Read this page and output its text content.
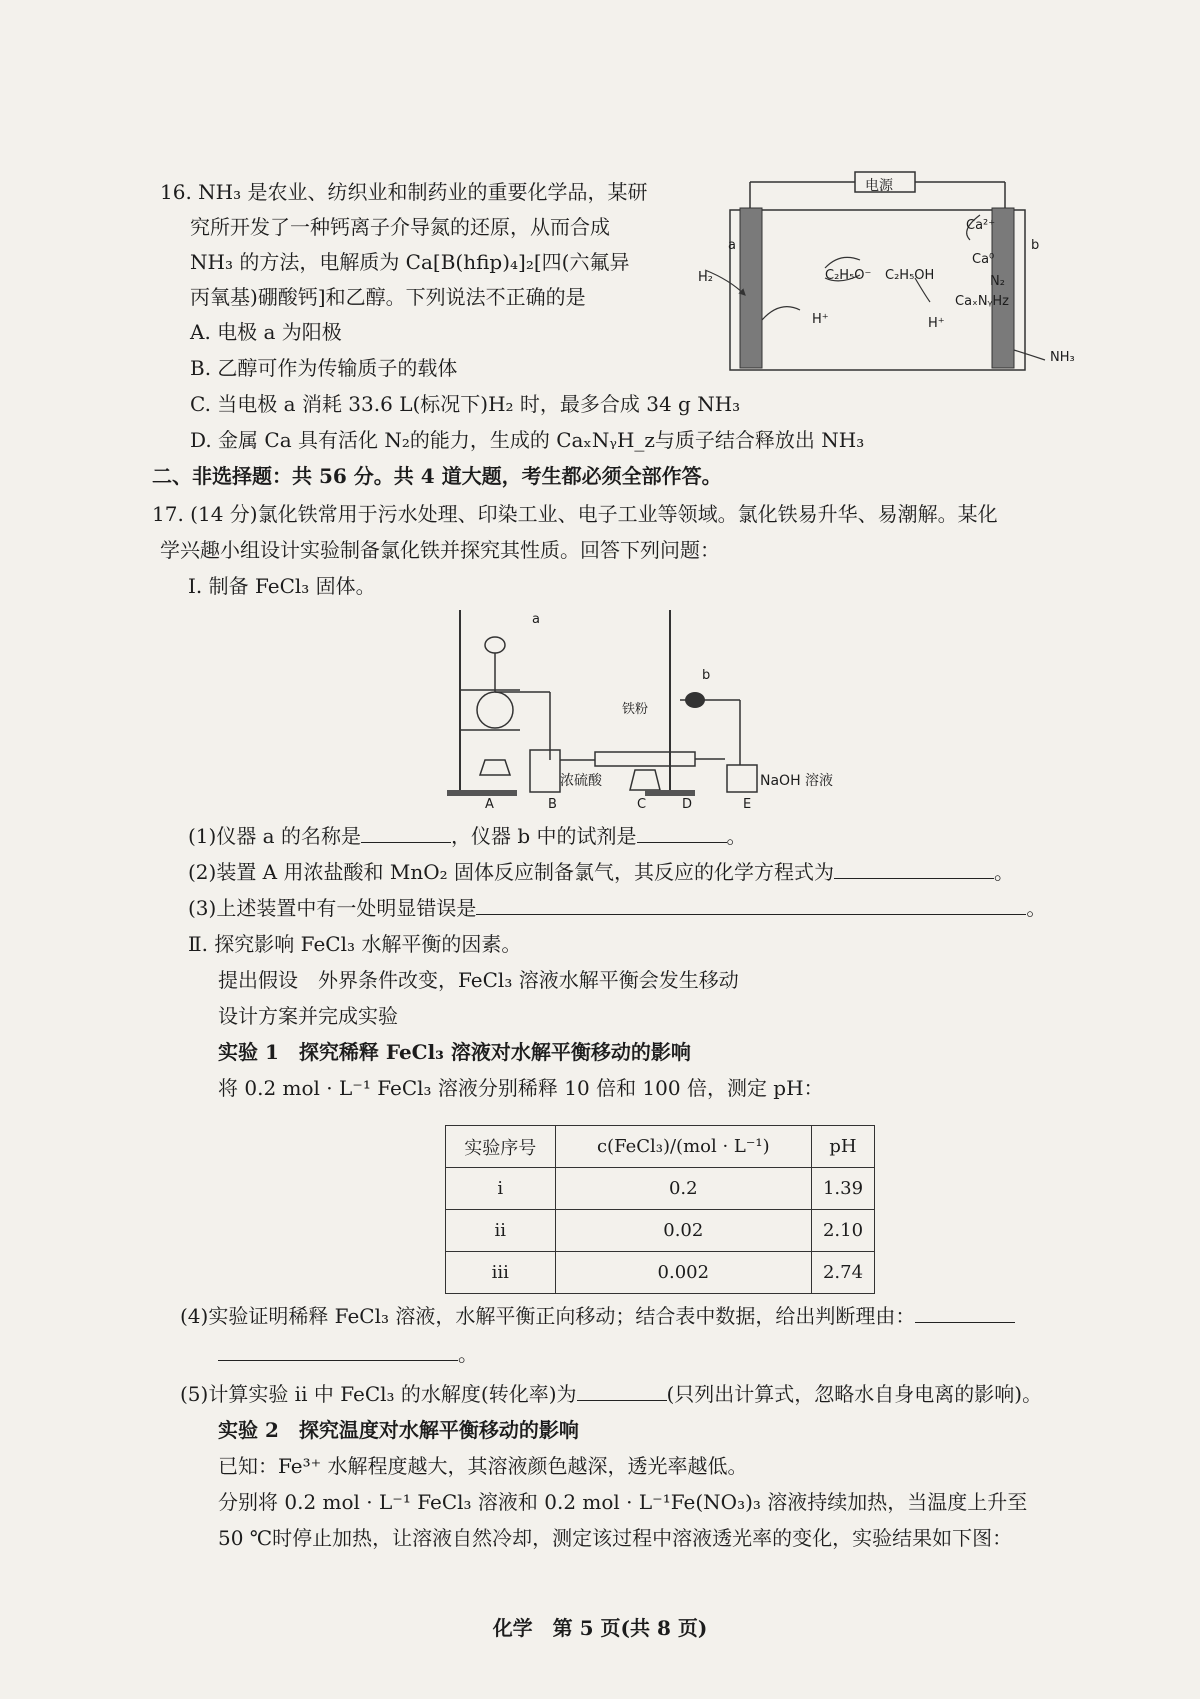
16. NH₃ 是农业、纺织业和制药业的重要化学品，某研
究所开发了一种钙离子介导氮的还原，从而合成
NH₃ 的方法，电解质为 Ca[B(hfip)₄]₂[四(六氟异
丙氧基)硼酸钙]和乙醇。下列说法不正确的是
A. 电极 a 为阳极
B. 乙醇可作为传输质子的载体
C. 当电极 a 消耗 33.6 L(标况下)H₂ 时，最多合成 34 g NH₃
D. 金属 Ca 具有活化 N₂的能力，生成的 CaₓNᵧH_z与质子结合释放出 NH₃
电源
a	b
H₂
Ca²⁺
Ca⁰
N₂
CaₓNᵧHz
C₂H₅O⁻ C₂H₅OH
H⁺	H⁺
NH₃
二、非选择题：共 56 分。共 4 道大题，考生都必须全部作答。
17. (14 分)氯化铁常用于污水处理、印染工业、电子工业等领域。氯化铁易升华、易潮解。某化
学兴趣小组设计实验制备氯化铁并探究其性质。回答下列问题：
Ⅰ. 制备 FeCl₃ 固体。
a
b
铁粉
浓硫酸	NaOH 溶液
A	B	C	D	E
(1)仪器 a 的名称是	，仪器 b 中的试剂是	。
(2)装置 A 用浓盐酸和 MnO₂ 固体反应制备氯气，其反应的化学方程式为	。
(3)上述装置中有一处明显错误是	。
Ⅱ. 探究影响 FeCl₃ 水解平衡的因素。
提出假设　外界条件改变，FeCl₃ 溶液水解平衡会发生移动
设计方案并完成实验
实验 1　探究稀释 FeCl₃ 溶液对水解平衡移动的影响
将 0.2 mol · L⁻¹ FeCl₃ 溶液分别稀释 10 倍和 100 倍，测定 pH：
实验序号	c(FeCl₃)/(mol · L⁻¹)	pH
i	0.2	1.39
ii	0.02	2.10
iii	0.002	2.74
(4)实验证明稀释 FeCl₃ 溶液，水解平衡正向移动；结合表中数据，给出判断理由：
。
(5)计算实验 ii 中 FeCl₃ 的水解度(转化率)为	(只列出计算式，忽略水自身电离的影响)。
实验 2　探究温度对水解平衡移动的影响
已知：Fe³⁺ 水解程度越大，其溶液颜色越深，透光率越低。
分别将 0.2 mol · L⁻¹ FeCl₃ 溶液和 0.2 mol · L⁻¹Fe(NO₃)₃ 溶液持续加热，当温度上升至
50 ℃时停止加热，让溶液自然冷却，测定该过程中溶液透光率的变化，实验结果如下图：
化学　第 5 页(共 8 页)
